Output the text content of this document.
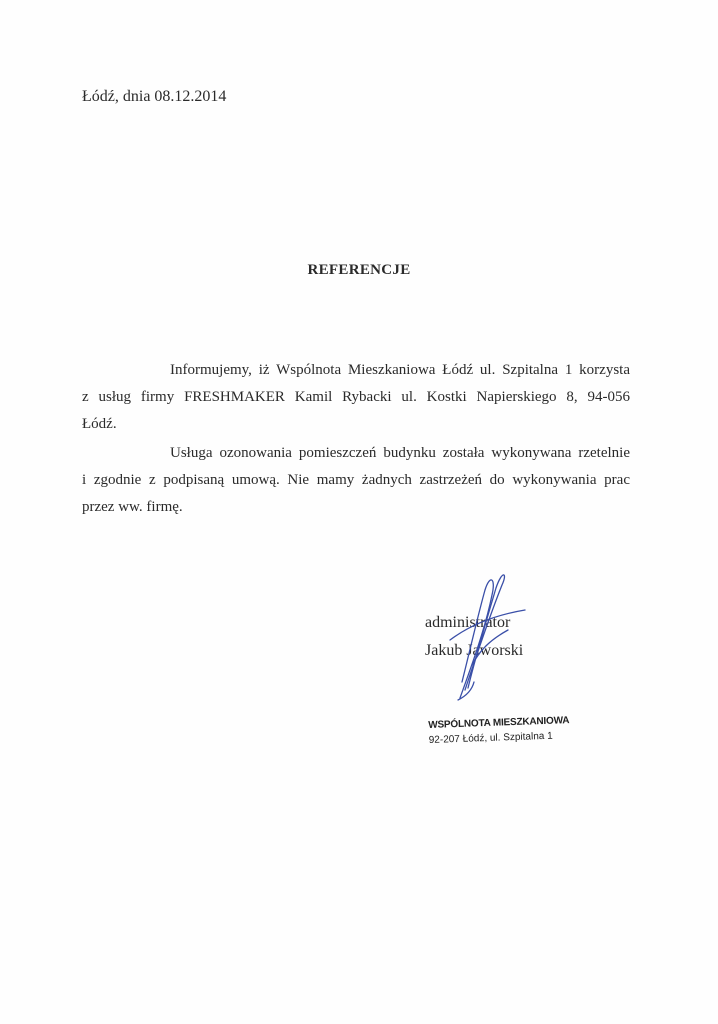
Łódź, dnia 08.12.2014
REFERENCJE
Informujemy, iż Wspólnota Mieszkaniowa Łódź ul. Szpitalna 1 korzysta
z usług firmy FRESHMAKER Kamil Rybacki ul. Kostki Napierskiego 8, 94-056
Łódź.
Usługa ozonowania pomieszczeń budynku została wykonywana rzetelnie
i zgodnie z podpisaną umową. Nie mamy żadnych zastrzeżeń do wykonywania prac
przez ww. firmę.
administrator
Jakub Jaworski
WSPÓLNOTA MIESZKANIOWA
92-207 Łódź, ul. Szpitalna 1
